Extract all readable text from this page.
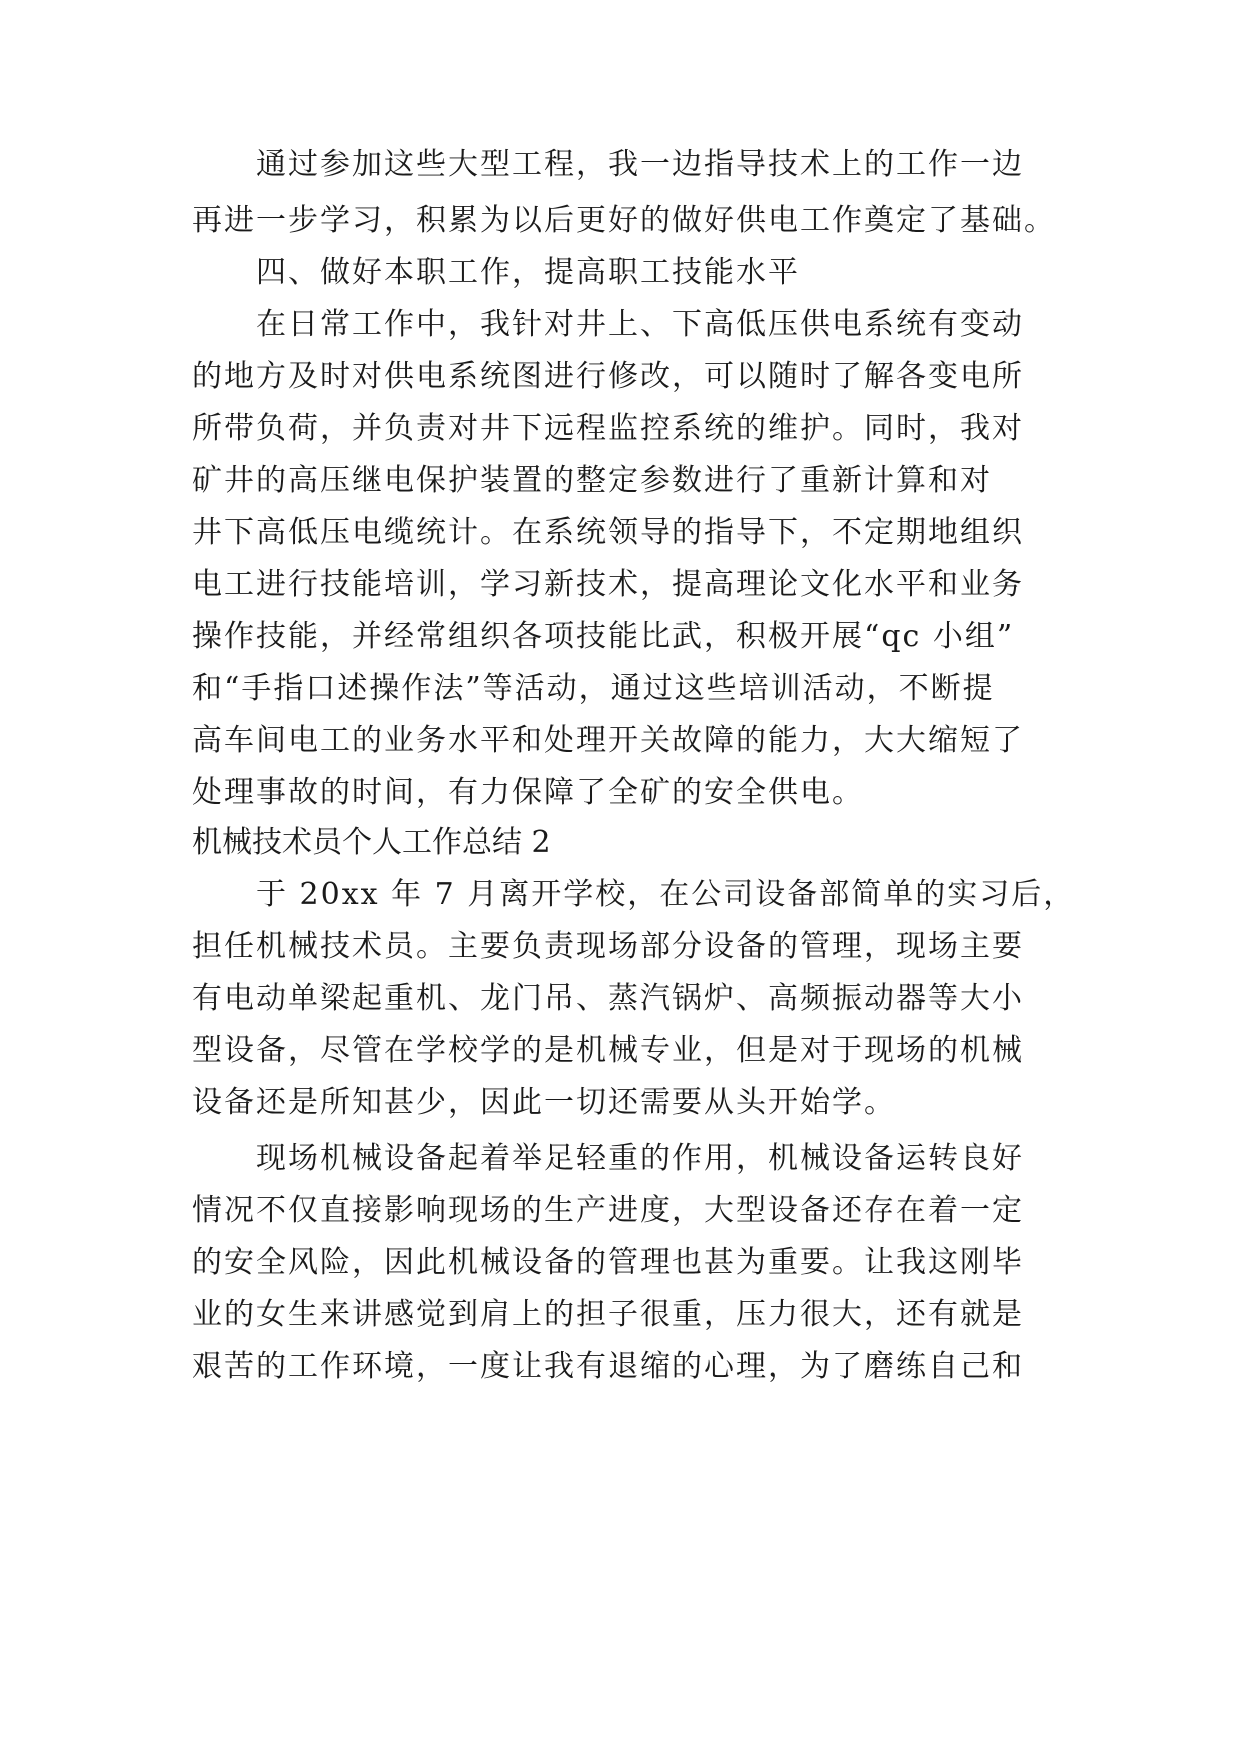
通过参加这些大型工程，我一边指导技术上的工作一边
再进一步学习，积累为以后更好的做好供电工作奠定了基础。
四、做好本职工作，提高职工技能水平
在日常工作中，我针对井上、下高低压供电系统有变动
的地方及时对供电系统图进行修改，可以随时了解各变电所
所带负荷，并负责对井下远程监控系统的维护。同时，我对
矿井的高压继电保护装置的整定参数进行了重新计算和对
井下高低压电缆统计。在系统领导的指导下，不定期地组织
电工进行技能培训，学习新技术，提高理论文化水平和业务
操作技能，并经常组织各项技能比武，积极开展“qc 小组”
和“手指口述操作法”等活动，通过这些培训活动，不断提
高车间电工的业务水平和处理开关故障的能力，大大缩短了
处理事故的时间，有力保障了全矿的安全供电。
机械技术员个人工作总结 2
于 20xx 年 7 月离开学校，在公司设备部简单的实习后，
担任机械技术员。主要负责现场部分设备的管理，现场主要
有电动单梁起重机、龙门吊、蒸汽锅炉、高频振动器等大小
型设备，尽管在学校学的是机械专业，但是对于现场的机械
设备还是所知甚少，因此一切还需要从头开始学。
现场机械设备起着举足轻重的作用，机械设备运转良好
情况不仅直接影响现场的生产进度，大型设备还存在着一定
的安全风险，因此机械设备的管理也甚为重要。让我这刚毕
业的女生来讲感觉到肩上的担子很重，压力很大，还有就是
艰苦的工作环境，一度让我有退缩的心理，为了磨练自己和
